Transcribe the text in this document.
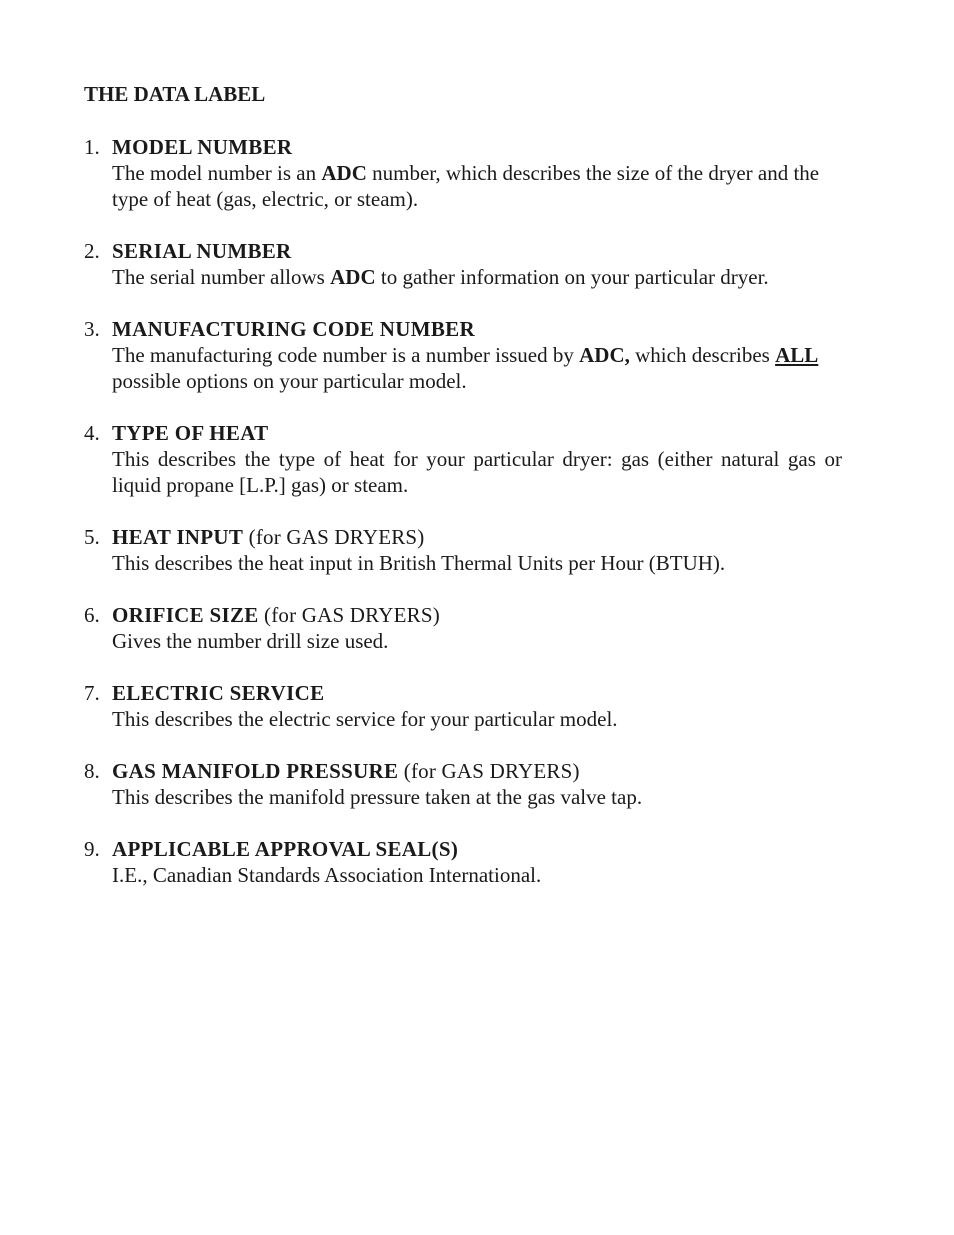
THE DATA LABEL
1. MODEL NUMBER
The model number is an ADC number, which describes the size of the dryer and the type of heat (gas, electric, or steam).
2. SERIAL NUMBER
The serial number allows ADC to gather information on your particular dryer.
3. MANUFACTURING CODE NUMBER
The manufacturing code number is a number issued by ADC, which describes ALL possible options on your particular model.
4. TYPE OF HEAT
This describes the type of heat for your particular dryer: gas (either natural gas or liquid propane [L.P.] gas) or steam.
5. HEAT INPUT (for GAS DRYERS)
This describes the heat input in British Thermal Units per Hour (BTUH).
6. ORIFICE SIZE (for GAS DRYERS)
Gives the number drill size used.
7. ELECTRIC SERVICE
This describes the electric service for your particular model.
8. GAS MANIFOLD PRESSURE (for GAS DRYERS)
This describes the manifold pressure taken at the gas valve tap.
9. APPLICABLE APPROVAL SEAL(S)
I.E., Canadian Standards Association International.
